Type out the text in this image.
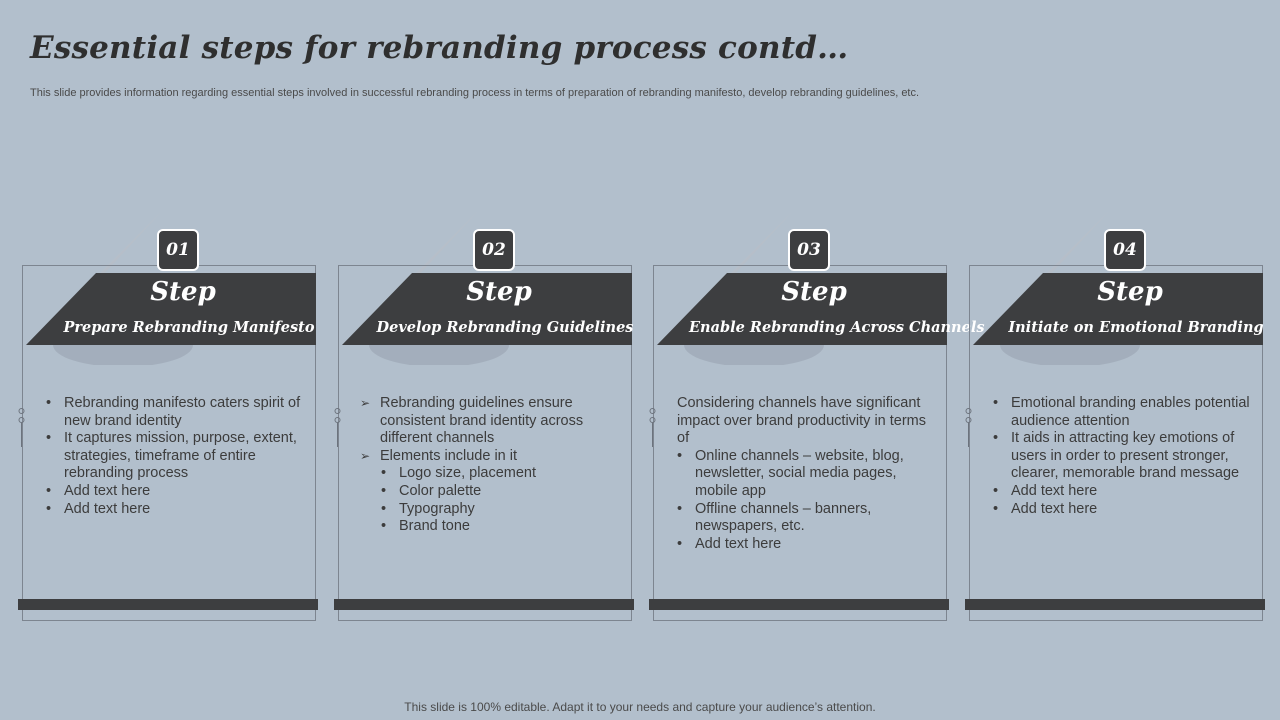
Essential steps for rebranding process contd…
This slide provides information regarding essential steps involved in successful rebranding process in terms of preparation of rebranding manifesto, develop rebranding guidelines, etc.
01
Step
Prepare Rebranding Manifesto
• Rebranding manifesto caters spirit of new brand identity
• It captures mission, purpose, extent, strategies, timeframe of entire rebranding process
• Add text here
• Add text here
02
Step
Develop Rebranding Guidelines
➢ Rebranding guidelines ensure consistent brand identity across different channels
➢ Elements include in it
• Logo size, placement
• Color palette
• Typography
• Brand tone
03
Step
Enable Rebranding Across Channels

Considering channels have significant impact over brand productivity in terms of

• Online channels – website, blog, newsletter, social media pages, mobile app
• Offline channels – banners, newspapers, etc.
• Add text here
04
Step
Initiate on Emotional Branding
• Emotional branding enables potential audience attention
• It aids in attracting key emotions of users in order to present stronger, clearer, memorable brand message
• Add text here
• Add text here
This slide is 100% editable. Adapt it to your needs and capture your audience’s attention.
